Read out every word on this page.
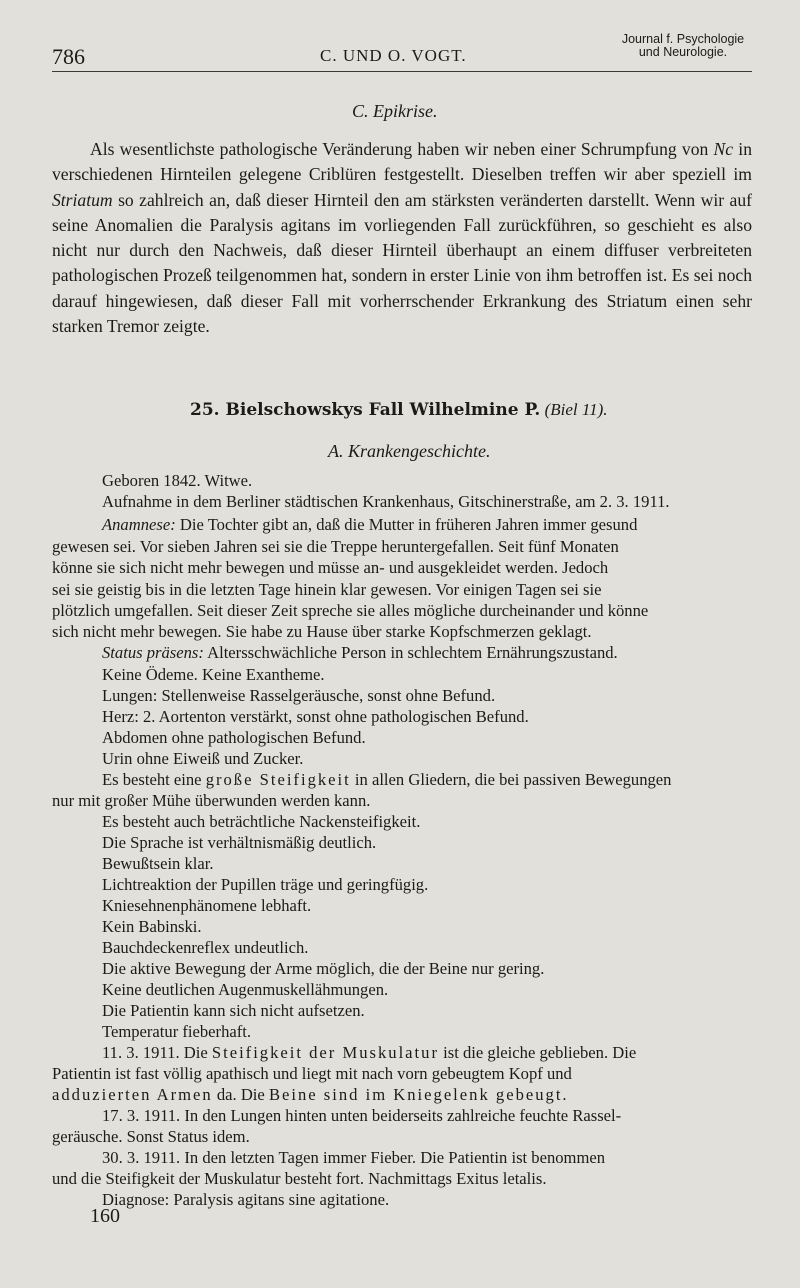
786	C. UND O. VOGT.
Journal f. Psychologie
und Neurologie.
C. Epikrise.
Als wesentlichste pathologische Veränderung haben wir neben einer Schrumpfung von Nc in verschiedenen Hirnteilen gelegene Criblüren festgestellt. Dieselben treffen wir aber speziell im Striatum so zahlreich an, daß dieser Hirnteil den am stärksten veränderten darstellt. Wenn wir auf seine Anomalien die Paralysis agitans im vorliegenden Fall zurückführen, so geschieht es also nicht nur durch den Nachweis, daß dieser Hirnteil überhaupt an einem diffuser verbreiteten pathologischen Prozeß teilgenommen hat, sondern in erster Linie von ihm betroffen ist. Es sei noch darauf hingewiesen, daß dieser Fall mit vorherrschender Erkrankung des Striatum einen sehr starken Tremor zeigte.
25. Bielschowskys Fall Wilhelmine P. (Biel 11).
A. Krankengeschichte.
Geboren 1842. Witwe.
Aufnahme in dem Berliner städtischen Krankenhaus, Gitschinerstraße, am 2. 3. 1911.
Anamnese: Die Tochter gibt an, daß die Mutter in früheren Jahren immer gesund
gewesen sei. Vor sieben Jahren sei sie die Treppe heruntergefallen. Seit fünf Monaten
könne sie sich nicht mehr bewegen und müsse an- und ausgekleidet werden. Jedoch
sei sie geistig bis in die letzten Tage hinein klar gewesen. Vor einigen Tagen sei sie
plötzlich umgefallen. Seit dieser Zeit spreche sie alles mögliche durcheinander und könne
sich nicht mehr bewegen. Sie habe zu Hause über starke Kopfschmerzen geklagt.
Status präsens: Altersschwächliche Person in schlechtem Ernährungszustand.
Keine Ödeme. Keine Exantheme.
Lungen: Stellenweise Rasselgeräusche, sonst ohne Befund.
Herz: 2. Aortenton verstärkt, sonst ohne pathologischen Befund.
Abdomen ohne pathologischen Befund.
Urin ohne Eiweiß und Zucker.
Es besteht eine große Steifigkeit in allen Gliedern, die bei passiven Bewegungen
nur mit großer Mühe überwunden werden kann.
Es besteht auch beträchtliche Nackensteifigkeit.
Die Sprache ist verhältnismäßig deutlich.
Bewußtsein klar.
Lichtreaktion der Pupillen träge und geringfügig.
Kniesehnenphänomene lebhaft.
Kein Babinski.
Bauchdeckenreflex undeutlich.
Die aktive Bewegung der Arme möglich, die der Beine nur gering.
Keine deutlichen Augenmuskellähmungen.
Die Patientin kann sich nicht aufsetzen.
Temperatur fieberhaft.
11. 3. 1911. Die Steifigkeit der Muskulatur ist die gleiche geblieben. Die
Patientin ist fast völlig apathisch und liegt mit nach vorn gebeugtem Kopf und
adduzierten Armen da. Die Beine sind im Kniegelenk gebeugt.
17. 3. 1911. In den Lungen hinten unten beiderseits zahlreiche feuchte Rassel-
geräusche. Sonst Status idem.
30. 3. 1911. In den letzten Tagen immer Fieber. Die Patientin ist benommen
und die Steifigkeit der Muskulatur besteht fort. Nachmittags Exitus letalis.
Diagnose: Paralysis agitans sine agitatione.
160
